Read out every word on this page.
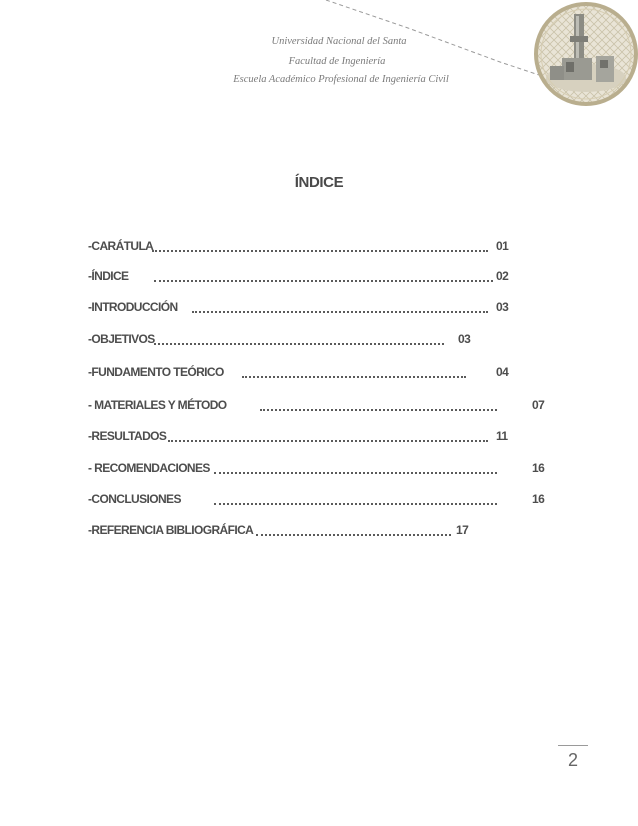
Universidad Nacional del Santa
Facultad de Ingeniería
Escuela Académico Profesional de Ingeniería Civil
ÍNDICE
-CARÁTULA	01
-ÍNDICE	02
-INTRODUCCIÓN	03
-OBJETIVOS	03
-FUNDAMENTO TEÓRICO	04
- MATERIALES Y MÉTODO	07
-RESULTADOS	11
- RECOMENDACIONES	16
-CONCLUSIONES	16
-REFERENCIA BIBLIOGRÁFICA	17
2
